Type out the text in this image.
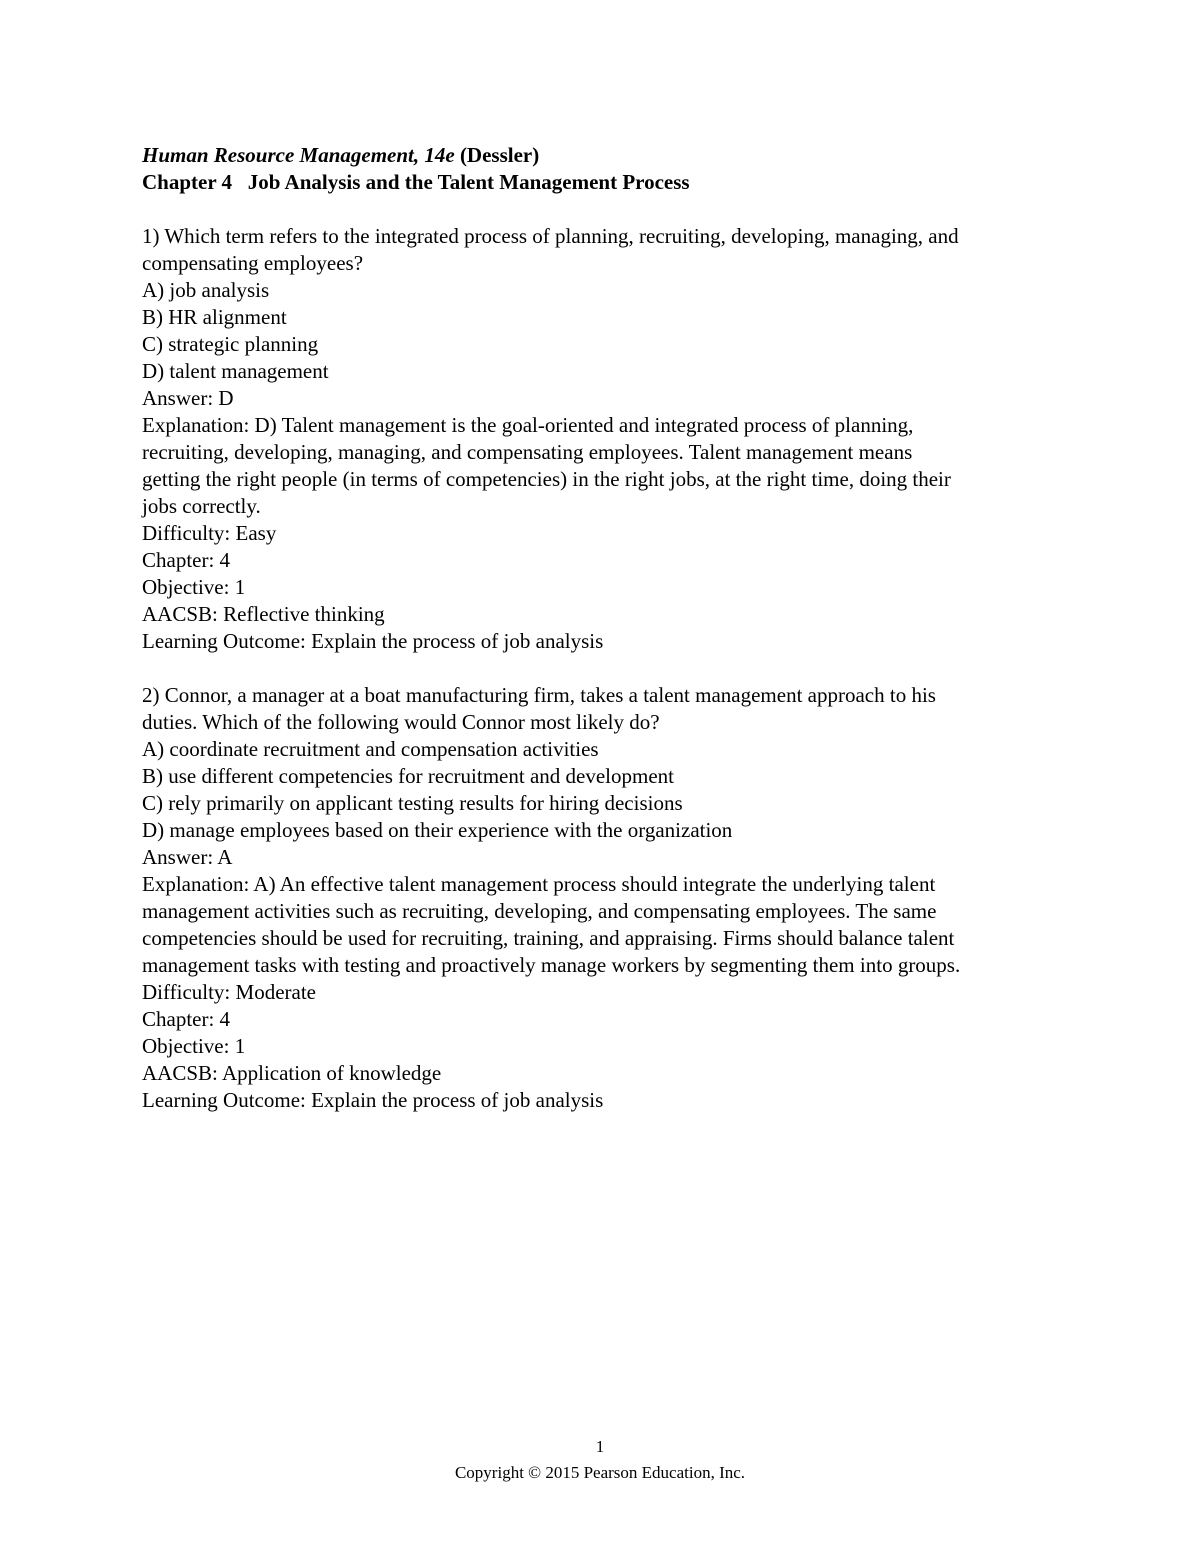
Human Resource Management, 14e (Dessler)
Chapter 4 Job Analysis and the Talent Management Process
1) Which term refers to the integrated process of planning, recruiting, developing, managing, and
compensating employees?
A) job analysis
B) HR alignment
C) strategic planning
D) talent management
Answer: D
Explanation: D) Talent management is the goal-oriented and integrated process of planning,
recruiting, developing, managing, and compensating employees. Talent management means
getting the right people (in terms of competencies) in the right jobs, at the right time, doing their
jobs correctly.
Difficulty: Easy
Chapter: 4
Objective: 1
AACSB: Reflective thinking
Learning Outcome: Explain the process of job analysis
2) Connor, a manager at a boat manufacturing firm, takes a talent management approach to his
duties. Which of the following would Connor most likely do?
A) coordinate recruitment and compensation activities
B) use different competencies for recruitment and development
C) rely primarily on applicant testing results for hiring decisions
D) manage employees based on their experience with the organization
Answer: A
Explanation: A) An effective talent management process should integrate the underlying talent
management activities such as recruiting, developing, and compensating employees. The same
competencies should be used for recruiting, training, and appraising. Firms should balance talent
management tasks with testing and proactively manage workers by segmenting them into groups.
Difficulty: Moderate
Chapter: 4
Objective: 1
AACSB: Application of knowledge
Learning Outcome: Explain the process of job analysis
1
Copyright © 2015 Pearson Education, Inc.
